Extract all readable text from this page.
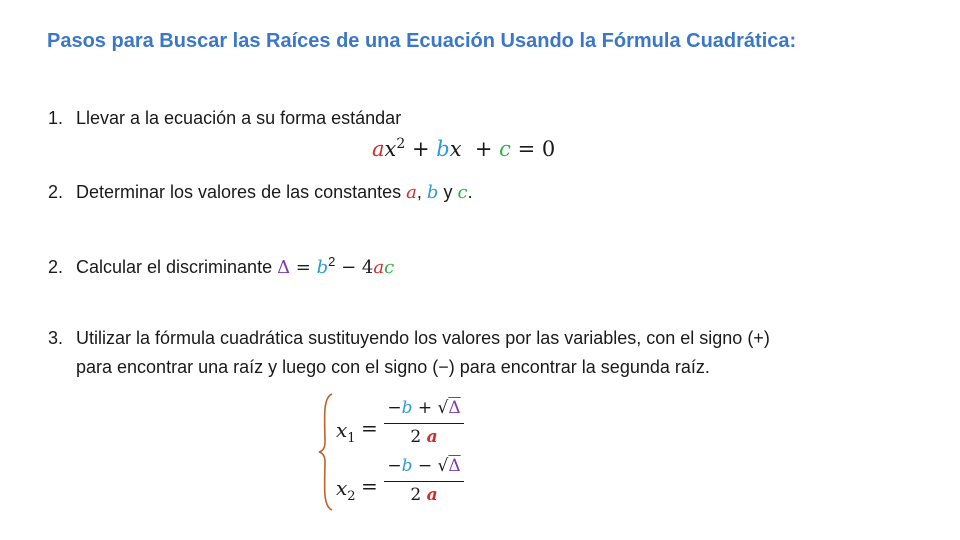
Pasos para Buscar las Raíces de una Ecuación Usando la Fórmula Cuadrática:
1. Llevar a la ecuación a su forma estándar
$ax^2$ + bx  + c = 0
2. Determinar los valores de las constantes a, b y c.
2. Calcular el discriminante $\Delta = b^2 - 4ac$
3. Utilizar la fórmula cuadrática sustituyendo los valores por las variables, con el signo (+)
para encontrar una raíz y luego con el signo (−) para encontrar la segunda raíz.
$x_1$ =
−b + √Δ
2 a
$x_2$ =
−b − √Δ
2 a
